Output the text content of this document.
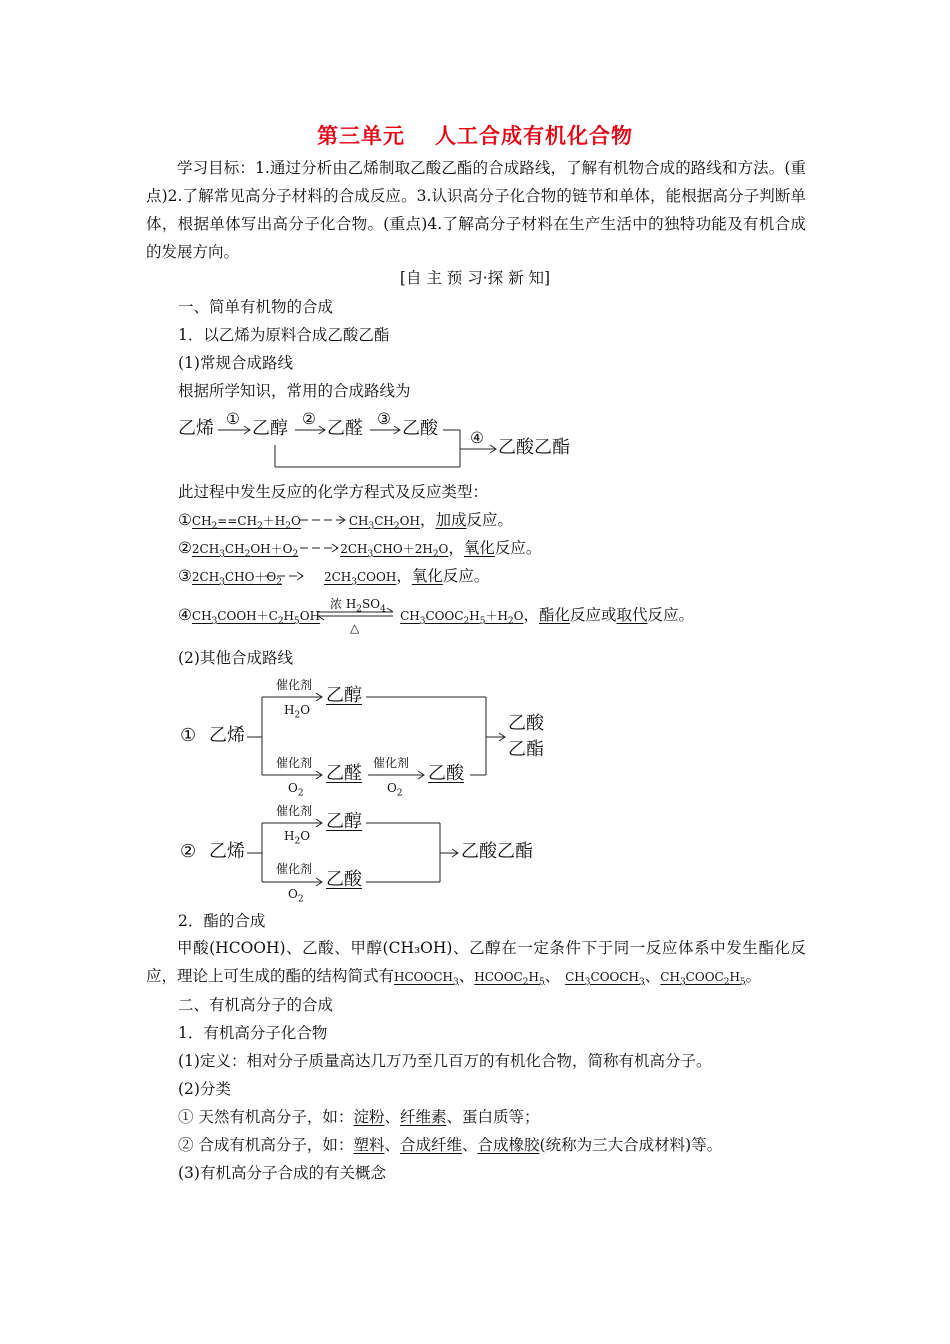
第三单元 人工合成有机化合物
学习目标：1.通过分析由乙烯制取乙酸乙酯的合成路线，了解有机物合成的路线和方法。(重点)2.了解常见高分子材料的合成反应。3.认识高分子化合物的链节和单体，能根据高分子判断单体，根据单体写出高分子化合物。(重点)4.了解高分子材料在生产生活中的独特功能及有机合成的发展方向。
[自 主 预 习·探 新 知]
一、简单有机物的合成
1．以乙烯为原料合成乙酸乙酯
(1)常规合成路线
根据所学知识，常用的合成路线为
乙烯 ① 乙醇 ② 乙醛 ③ 乙酸 ④ 乙酸乙酯
此过程中发生反应的化学方程式及反应类型：
$①CH_2==CH_2+H_2O$	$CH_3CH_2OH$，加成反应。
$②2CH_3CH_2OH+O_2$	$2CH_3CHO+2H_2O$，氧化反应。
$③2CH_3CHO+O_2$	$2CH_3COOH$，氧化反应。
$④CH_3COOH+C_2H_5OH$	$CH_3COOC_2H_5+H_2O$，酯化反应或取代反应。
浓 $H_2SO_4$
△
(2)其他合成路线
① 乙烯
催化剂
$H_2O$
乙醇
催化剂
$O_2$
乙醛 催化剂
$O_2$
乙酸
乙酸
乙酯
② 乙烯
催化剂
$H_2O$
乙醇
催化剂
$O_2$
乙酸
乙酸乙酯
2．酯的合成
甲酸(HCOOH)、乙酸、甲醇(CH₃OH)、乙醇在一定条件下于同一反应体系中发生酯化反应，理论上可生成的酯的结构简式有$HCOOCH_3$、$HCOOC_2H_5$、 $CH_3COOCH_3$、$CH_3COOC_2H_5$。
二、有机高分子的合成
1．有机高分子化合物
(1)定义：相对分子质量高达几万乃至几百万的有机化合物，简称有机高分子。
(2)分类
① 天然有机高分子，如：淀粉、纤维素、蛋白质等；
② 合成有机高分子，如：塑料、合成纤维、合成橡胶(统称为三大合成材料)等。
(3)有机高分子合成的有关概念
